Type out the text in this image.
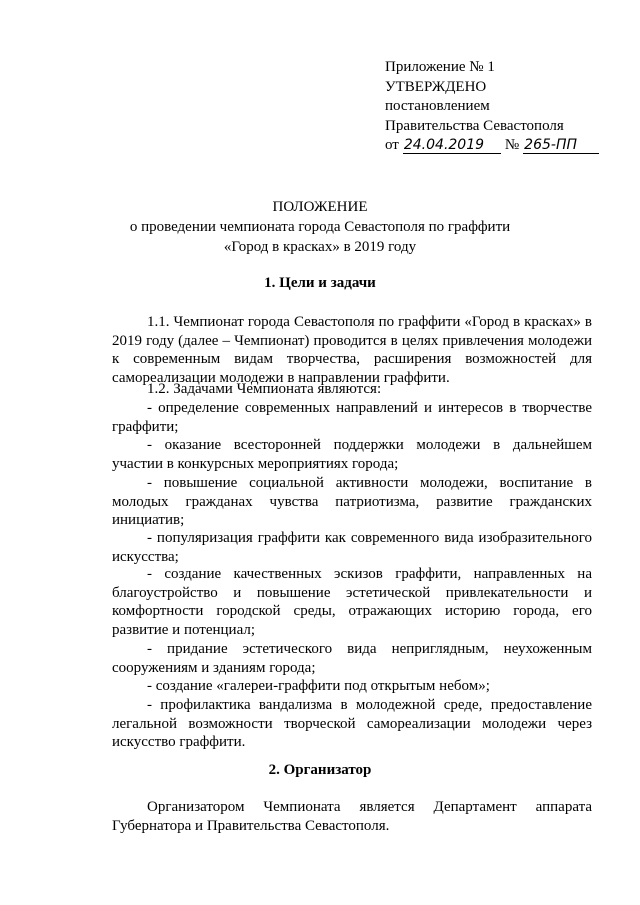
Приложение № 1
УТВЕРЖДЕНО
постановлением
Правительства Севастополя
от 24.04.2019 № 265-ПП
ПОЛОЖЕНИЕ
о проведении чемпионата города Севастополя по граффити
«Город в красках» в 2019 году
1. Цели и задачи
1.1. Чемпионат города Севастополя по граффити «Город в красках» в 2019 году (далее – Чемпионат) проводится в целях привлечения молодежи к современным видам творчества, расширения возможностей для самореализации молодежи в направлении граффити.
1.2. Задачами Чемпионата являются:
- определение современных направлений и интересов в творчестве граффити;
- оказание всесторонней поддержки молодежи в дальнейшем участии в конкурсных мероприятиях города;
- повышение социальной активности молодежи, воспитание в молодых гражданах чувства патриотизма, развитие гражданских инициатив;
- популяризация граффити как современного вида изобразительного искусства;
- создание качественных эскизов граффити, направленных на благоустройство и повышение эстетической привлекательности и комфортности городской среды, отражающих историю города, его развитие и потенциал;
- придание эстетического вида неприглядным, неухоженным сооружениям и зданиям города;
- создание «галереи-граффити под открытым небом»;
- профилактика вандализма в молодежной среде, предоставление легальной возможности творческой самореализации молодежи через искусство граффити.
2. Организатор
Организатором Чемпионата является Департамент аппарата Губернатора и Правительства Севастополя.
